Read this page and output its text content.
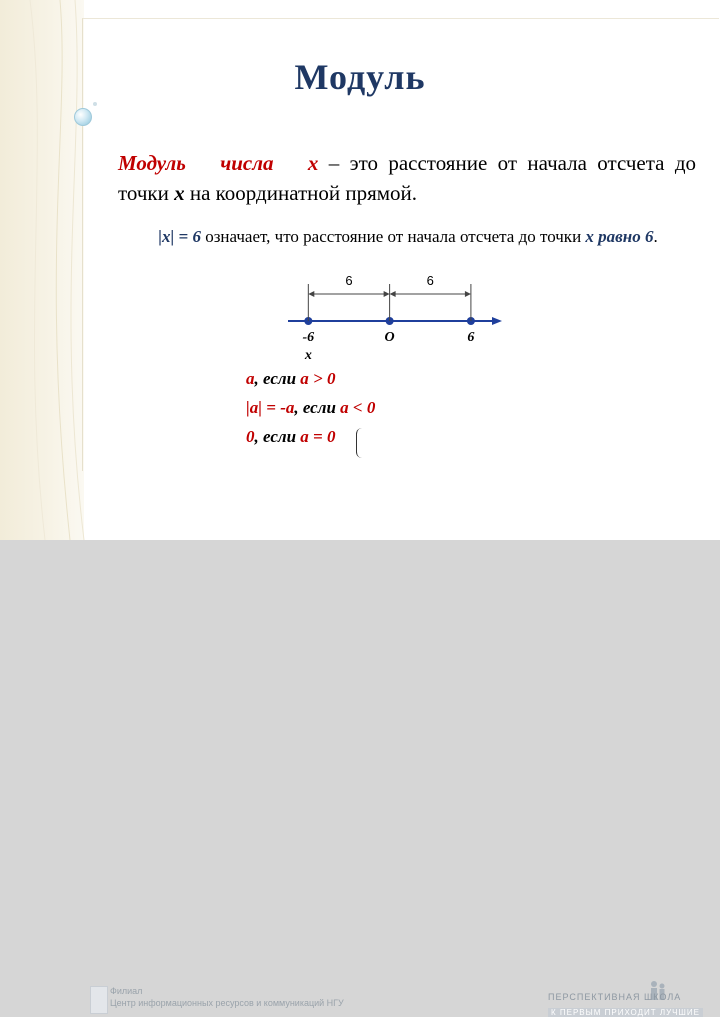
Модуль
Модуль числа х – это расстояние от начала отсчета до точки х на координатной прямой.
|х| = 6 означает, что расстояние от начала отсчета до точки х равно 6.
-6	О	6
х
6	6
а, если а > 0
|а| = -а, если а < 0
0, если а = 0
Филиал
Центр информационных ресурсов и коммуникаций НГУ
ПЕРСПЕКТИВНАЯ ШКОЛА
К ПЕРВЫМ ПРИХОДИТ ЛУЧШИЕ
